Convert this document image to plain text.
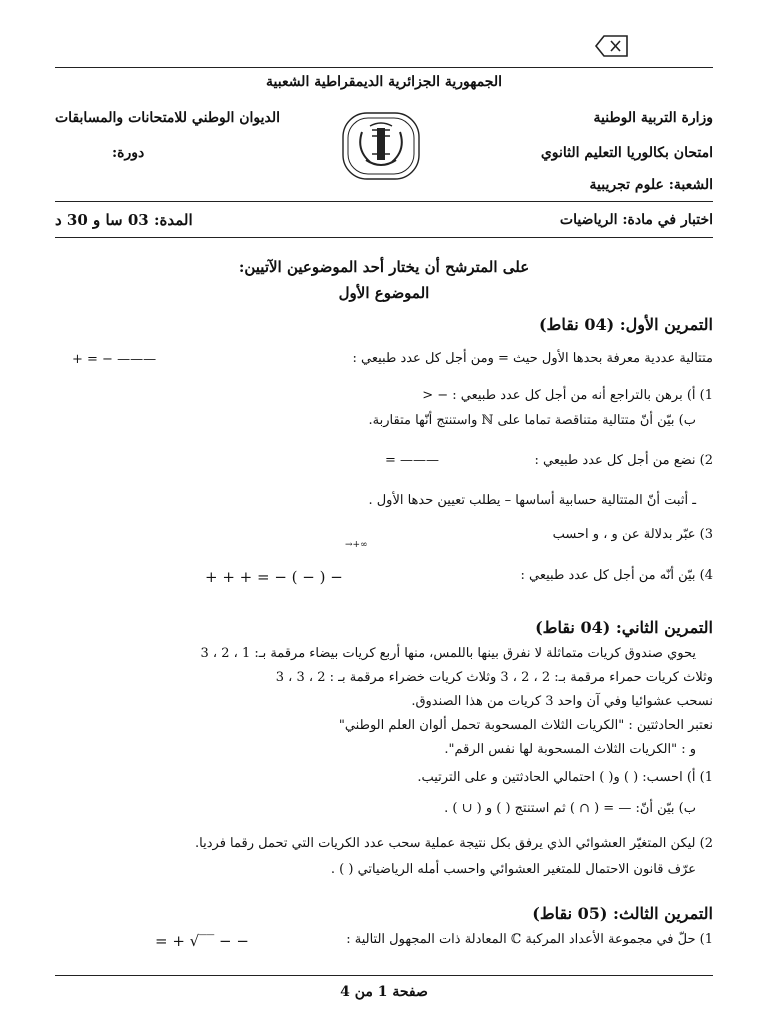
الجمهورية الجزائرية الديمقراطية الشعبية
وزارة التربية الوطنية
الديوان الوطني للامتحانات والمسابقات
امتحان بكالوريا التعليم الثانوي
دورة:
الشعبة: علوم تجريبية
اختبار في مادة: الرياضيات
المدة: 03 سا و 30 د
على المترشح أن يختار أحد الموضوعين الآتيين:
الموضوع الأول
التمرين الأول: (04 نقاط)
متتالية عددية معرفة بحدها الأول حيث = ومن أجل كل عدد طبيعي :
+ = − ———
1) أ) برهن بالتراجع أنه من أجل كل عدد طبيعي : − <
ب) بيّن أنّ متتالية متناقصة تماما على ℕ واستنتج أنّها متقاربة.
2) نضع من أجل كل عدد طبيعي :
= ———
ـ أثبت أنّ المتتالية حسابية أساسها – يطلب تعيين حدها الأول .
3) عبّر بدلالة عن و ، و احسب
→+∞
4) بيّن أنّه من أجل كل عدد طبيعي :
+ + + = − ( − ) −
التمرين الثاني: (04 نقاط)
يحوي صندوق كريات متماثلة لا نفرق بينها باللمس، منها أربع كريات بيضاء مرقمة بـ: 1 ، 2 ، 3
وثلاث كريات حمراء مرقمة بـ: 2 ، 2 ، 3 وثلاث كريات خضراء مرقمة بـ : 2 ، 3 ، 3
نسحب عشوائيا وفي آن واحد 3 كريات من هذا الصندوق.
نعتبر الحادثتين : "الكريات الثلاث المسحوبة تحمل ألوان العلم الوطني"
و : "الكريات الثلاث المسحوبة لها نفس الرقم".
1) أ) احسب: ( ) و( ) احتمالي الحادثتين و على الترتيب.
ب) بيّن أنّ: — = ( ∩ ) ثم استنتج ( ) و ( ∪ ) .
2) ليكن المتغيّر العشوائي الذي يرفق بكل نتيجة عملية سحب عدد الكريات التي تحمل رقما فرديا.
عرّف قانون الاحتمال للمتغير العشوائي واحسب أمله الرياضياتي ( ) .
التمرين الثالث: (05 نقاط)
1) حلّ في مجموعة الأعداد المركبة ℂ المعادلة ذات المجهول التالية :
= + √‾‾ − −
صفحة 1 من 4
